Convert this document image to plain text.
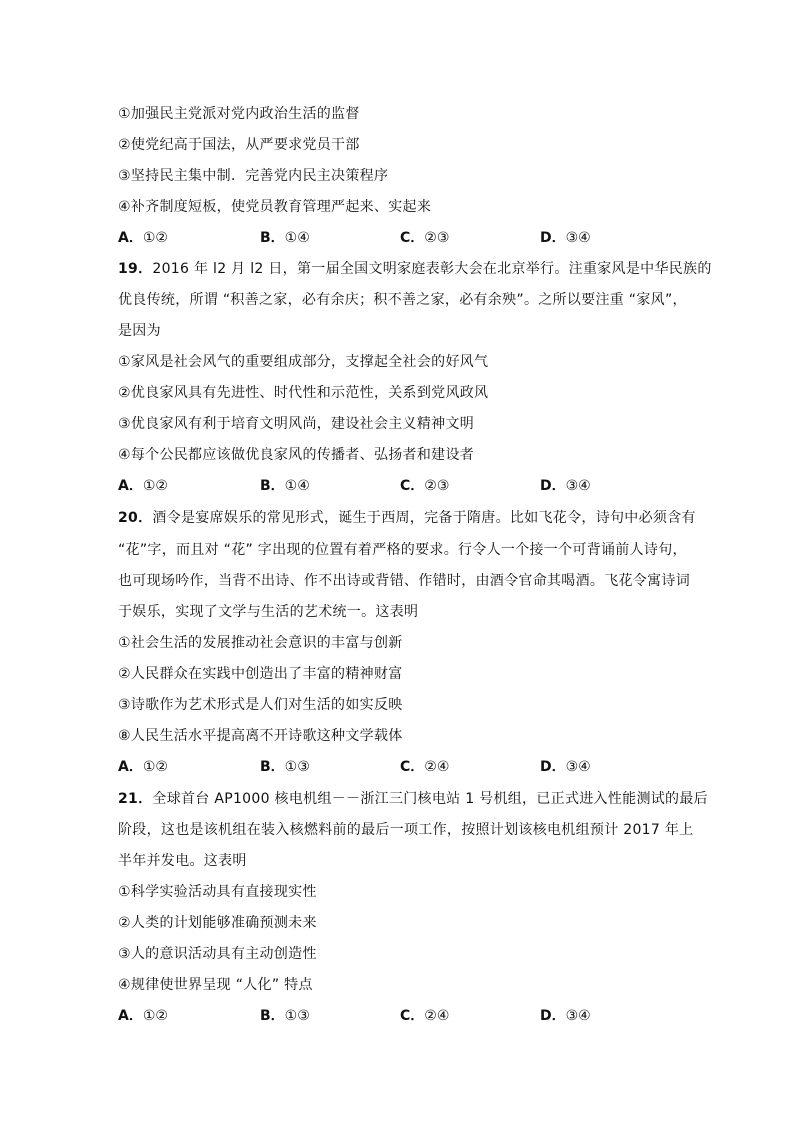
①加强民主党派对党内政治生活的监督
②使党纪高于国法，从严要求党员干部
③坚持民主集中制．完善党内民主决策程序
④补齐制度短板，使党员教育管理严起来、实起来
A．①②	B．①④	C．②③	D．③④
19．2016 年 l2 月 l2 日，第一届全国文明家庭表彰大会在北京举行。注重家风是中华民族的
优良传统，所谓 “积善之家，必有余庆；积不善之家，必有余殃”。之所以要注重 “家风”，
是因为
①家风是社会风气的重要组成部分，支撑起全社会的好风气
②优良家风具有先进性、时代性和示范性，关系到党风政风
③优良家风有利于培育文明风尚，建设社会主义精神文明
④每个公民都应该做优良家风的传播者、弘扬者和建设者
A．①②	B．①④	C．②③	D．③④
20．酒令是宴席娱乐的常见形式，诞生于西周，完备于隋唐。比如飞花令，诗句中必须含有
“花”字，而且对 “花” 字出现的位置有着严格的要求。行令人一个接一个可背诵前人诗句，
也可现场吟作，当背不出诗、作不出诗或背错、作错时，由酒令官命其喝酒。飞花令寓诗词
于娱乐，实现了文学与生活的艺术统一。这表明
①社会生活的发展推动社会意识的丰富与创新
②人民群众在实践中创造出了丰富的精神财富
③诗歌作为艺术形式是人们对生活的如实反映
⑧人民生活水平提高离不开诗歌这种文学载体
A．①②	B．①③	C．②④	D．③④
21．全球首台 AP1000 核电机组－－浙江三门核电站 1 号机组，已正式进入性能测试的最后
阶段，这也是该机组在装入核燃料前的最后一项工作，按照计划该核电机组预计 2017 年上
半年并发电。这表明
①科学实验活动具有直接现实性
②人类的计划能够准确预测未来
③人的意识活动具有主动创造性
④规律使世界呈现 “人化” 特点
A．①②	B．①③	C．②④	D．③④
